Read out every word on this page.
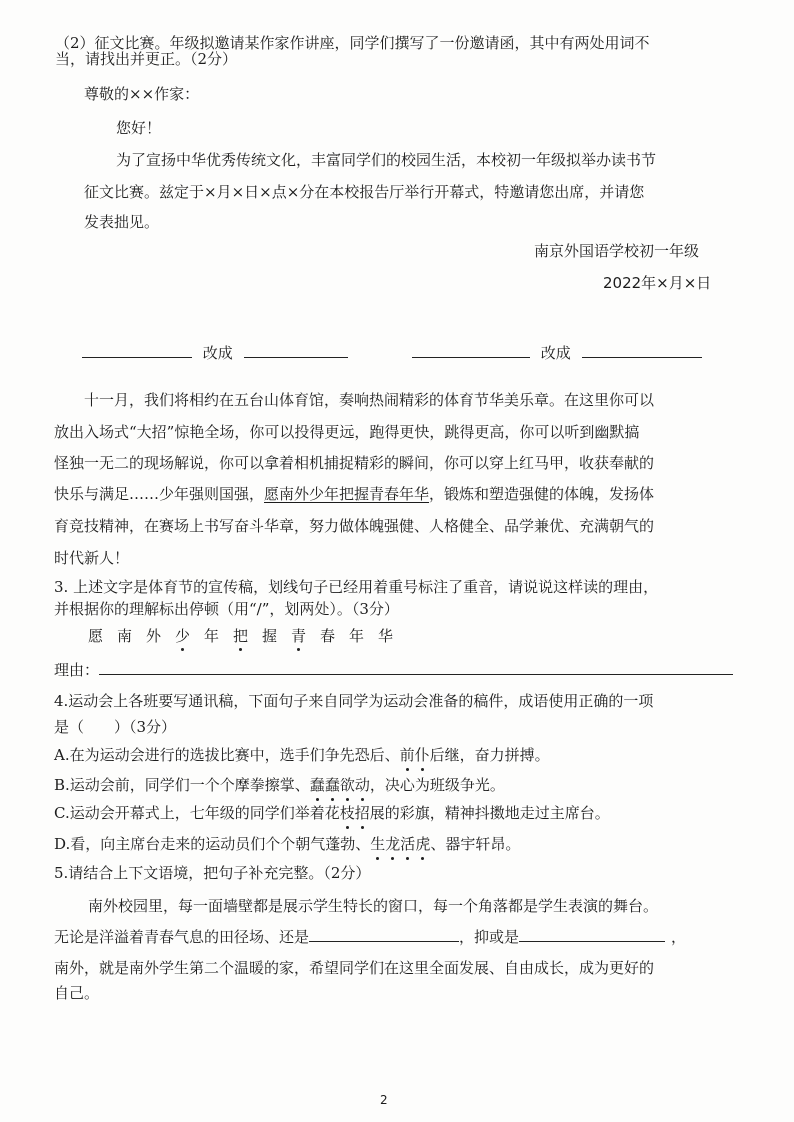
（2）征文比赛。年级拟邀请某作家作讲座，同学们撰写了一份邀请函，其中有两处用词不
当，请找出并更正。（2分）
尊敬的××作家：
您好！
为了宣扬中华优秀传统文化，丰富同学们的校园生活，本校初一年级拟举办读书节
征文比赛。兹定于×月×日×点×分在本校报告厅举行开幕式，特邀请您出席，并请您
发表拙见。
南京外国语学校初一年级
2022年×月×日
改成	改成
十一月，我们将相约在五台山体育馆，奏响热闹精彩的体育节华美乐章。在这里你可以
放出入场式“大招”惊艳全场，你可以投得更远，跑得更快，跳得更高，你可以听到幽默搞
怪独一无二的现场解说，你可以拿着相机捕捉精彩的瞬间，你可以穿上红马甲，收获奉献的
快乐与满足……少年强则国强，愿南外少年把握青春年华，锻炼和塑造强健的体魄，发扬体
育竞技精神，在赛场上书写奋斗华章，努力做体魄强健、人格健全、品学兼优、充满朝气的
时代新人！
3. 上述文字是体育节的宣传稿，划线句子已经用着重号标注了重音，请说说这样读的理由，
并根据你的理解标出停顿（用“/”，划两处）。（3分）
愿 南 外 少 年 把 握 青 春 年 华
理由：
4.运动会上各班要写通讯稿，下面句子来自同学为运动会准备的稿件，成语使用正确的一项
是（　　）（3分）
A.在为运动会进行的选拔比赛中，选手们争先恐后、前仆后继，奋力拼搏。
B.运动会前，同学们一个个摩拳擦掌、蠢蠢欲动，决心为班级争光。
C.运动会开幕式上，七年级的同学们举着花枝招展的彩旗，精神抖擞地走过主席台。
D.看，向主席台走来的运动员们个个朝气蓬勃、生龙活虎、器宇轩昂。
5.请结合上下文语境，把句子补充完整。（2分）
南外校园里，每一面墙壁都是展示学生特长的窗口，每一个角落都是学生表演的舞台。
无论是洋溢着青春气息的田径场、还是	，抑或是	，
南外，就是南外学生第二个温暖的家，希望同学们在这里全面发展、自由成长，成为更好的
自己。
2
